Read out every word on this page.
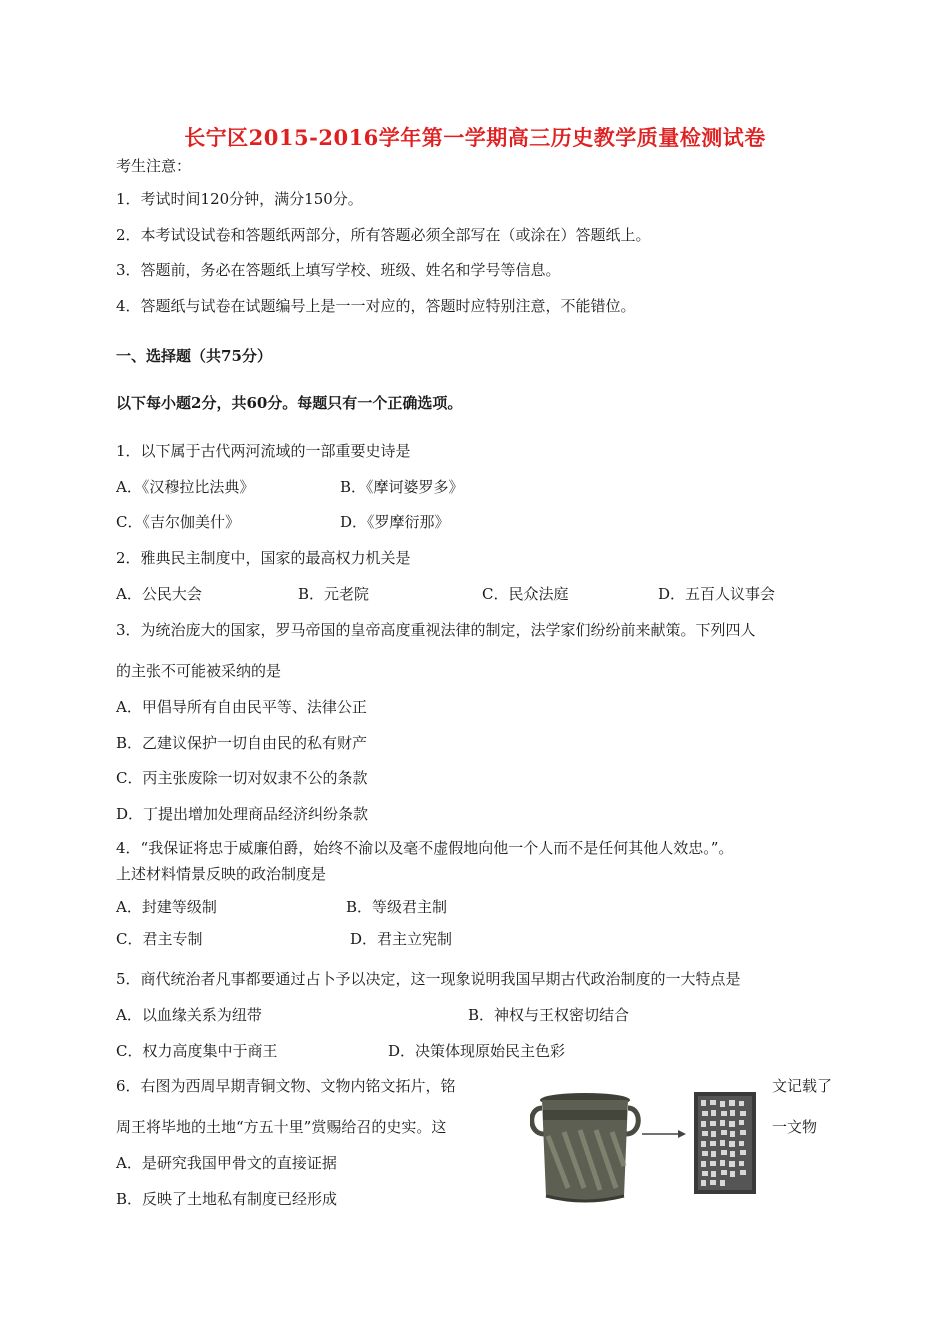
长宁区2015-2016学年第一学期高三历史教学质量检测试卷
考生注意：
1．考试时间120分钟，满分150分。
2．本考试设试卷和答题纸两部分，所有答题必须全部写在（或涂在）答题纸上。
3．答题前，务必在答题纸上填写学校、班级、姓名和学号等信息。
4．答题纸与试卷在试题编号上是一一对应的，答题时应特别注意，不能错位。
一、选择题（共75分）
以下每小题2分，共60分。每题只有一个正确选项。
1．以下属于古代两河流域的一部重要史诗是
A．《汉穆拉比法典》	B．《摩诃婆罗多》
C．《吉尔伽美什》	D．《罗摩衍那》
2．雅典民主制度中，国家的最高权力机关是
A．公民大会	B．元老院	C．民众法庭	D．五百人议事会
3．为统治庞大的国家，罗马帝国的皇帝高度重视法律的制定，法学家们纷纷前来献策。下列四人
的主张不可能被采纳的是
A．甲倡导所有自由民平等、法律公正
B．乙建议保护一切自由民的私有财产
C．丙主张废除一切对奴隶不公的条款
D．丁提出增加处理商品经济纠纷条款
4．“我保证将忠于威廉伯爵，始终不渝以及毫不虚假地向他一个人而不是任何其他人效忠。”。
上述材料情景反映的政治制度是
A．封建等级制	B．等级君主制
C．君主专制	D．君主立宪制
5．商代统治者凡事都要通过占卜予以决定，这一现象说明我国早期古代政治制度的一大特点是
A．以血缘关系为纽带	B．神权与王权密切结合
C．权力高度集中于商王	D．决策体现原始民主色彩
6．右图为西周早期青铜文物、文物内铭文拓片，铭	文记载了
周王将毕地的土地“方五十里”赏赐给召的史实。这	一文物
A．是研究我国甲骨文的直接证据
B．反映了土地私有制度已经形成
